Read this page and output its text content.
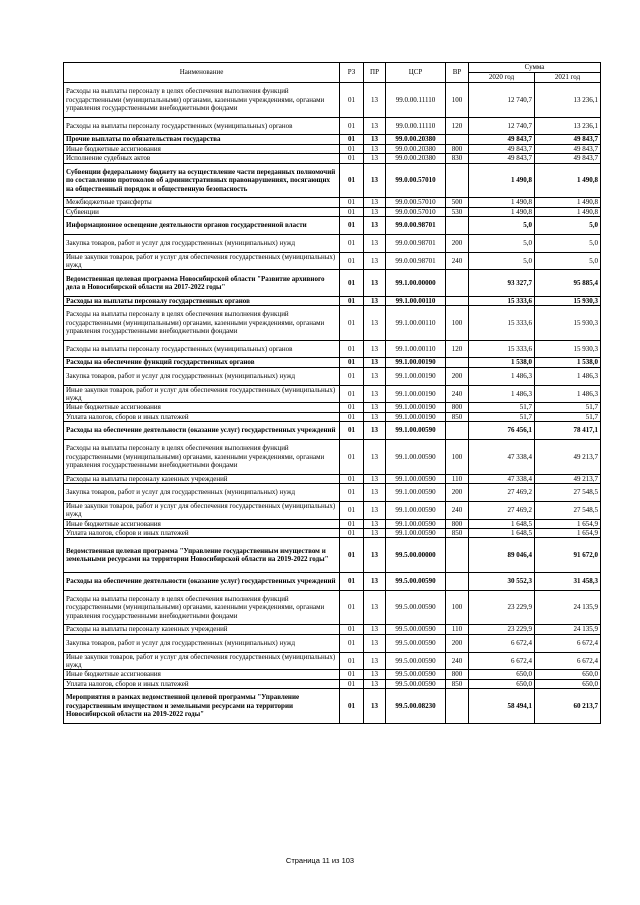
Наименование	РЗ	ПР	ЦСР	ВР	Сумма	
					2020 год	2021 год
Расходы на выплаты персоналу в целях обеспечения выполнения функций государственными (муниципальными) органами, казенными учреждениями, органами управления государственными внебюджетными фондами	01	13	99.0.00.11110	100	12 740,7	13 236,1
Расходы на выплаты персоналу государственных (муниципальных) органов	01	13	99.0.00.11110	120	12 740,7	13 236,1
Прочие выплаты по обязательствам государства	01	13	99.0.00.20380		49 843,7	49 843,7
Иные бюджетные ассигнования	01	13	99.0.00.20380	800	49 843,7	49 843,7
Исполнение судебных актов	01	13	99.0.00.20380	830	49 843,7	49 843,7
Субвенции федеральному бюджету на осуществление части переданных полномочий по составлению протоколов об административных правонарушениях, посягающих на общественный порядок и общественную безопасность	01	13	99.0.00.57010		1 490,8	1 490,8
Межбюджетные трансферты	01	13	99.0.00.57010	500	1 490,8	1 490,8
Субвенции	01	13	99.0.00.57010	530	1 490,8	1 490,8
Информационное освещение деятельности органов государственной власти	01	13	99.0.00.98701		5,0	5,0
Закупка товаров, работ и услуг для государственных (муниципальных) нужд	01	13	99.0.00.98701	200	5,0	5,0
Иные закупки товаров, работ и услуг для обеспечения государственных (муниципальных) нужд	01	13	99.0.00.98701	240	5,0	5,0
Ведомственная целевая программа Новосибирской области "Развитие архивного дела в Новосибирской области на 2017-2022 годы"	01	13	99.1.00.00000		93 327,7	95 885,4
Расходы на выплаты персоналу государственных органов	01	13	99.1.00.00110		15 333,6	15 930,3
Расходы на выплаты персоналу в целях обеспечения выполнения функций государственными (муниципальными) органами, казенными учреждениями, органами управления государственными внебюджетными фондами	01	13	99.1.00.00110	100	15 333,6	15 930,3
Расходы на выплаты персоналу государственных (муниципальных) органов	01	13	99.1.00.00110	120	15 333,6	15 930,3
Расходы на обеспечение функций государственных органов	01	13	99.1.00.00190		1 538,0	1 538,0
Закупка товаров, работ и услуг для государственных (муниципальных) нужд	01	13	99.1.00.00190	200	1 486,3	1 486,3
Иные закупки товаров, работ и услуг для обеспечения государственных (муниципальных) нужд	01	13	99.1.00.00190	240	1 486,3	1 486,3
Иные бюджетные ассигнования	01	13	99.1.00.00190	800	51,7	51,7
Уплата налогов, сборов и иных платежей	01	13	99.1.00.00190	850	51,7	51,7
Расходы на обеспечение деятельности (оказание услуг) государственных учреждений	01	13	99.1.00.00590		76 456,1	78 417,1
Расходы на выплаты персоналу в целях обеспечения выполнения функций государственными (муниципальными) органами, казенными учреждениями, органами управления государственными внебюджетными фондами	01	13	99.1.00.00590	100	47 338,4	49 213,7
Расходы на выплаты персоналу казенных учреждений	01	13	99.1.00.00590	110	47 338,4	49 213,7
Закупка товаров, работ и услуг для государственных (муниципальных) нужд	01	13	99.1.00.00590	200	27 469,2	27 548,5
Иные закупки товаров, работ и услуг для обеспечения государственных (муниципальных) нужд	01	13	99.1.00.00590	240	27 469,2	27 548,5
Иные бюджетные ассигнования	01	13	99.1.00.00590	800	1 648,5	1 654,9
Уплата налогов, сборов и иных платежей	01	13	99.1.00.00590	850	1 648,5	1 654,9
Ведомственная целевая программа "Управление государственным имуществом и земельными ресурсами на территории Новосибирской области на 2019-2022 годы"	01	13	99.5.00.00000		89 046,4	91 672,0
Расходы на обеспечение деятельности (оказание услуг) государственных учреждений	01	13	99.5.00.00590		30 552,3	31 458,3
Расходы на выплаты персоналу в целях обеспечения выполнения функций государственными (муниципальными) органами, казенными учреждениями, органами управления государственными внебюджетными фондами	01	13	99.5.00.00590	100	23 229,9	24 135,9
Расходы на выплаты персоналу казенных учреждений	01	13	99.5.00.00590	110	23 229,9	24 135,9
Закупка товаров, работ и услуг для государственных (муниципальных) нужд	01	13	99.5.00.00590	200	6 672,4	6 672,4
Иные закупки товаров, работ и услуг для обеспечения государственных (муниципальных) нужд	01	13	99.5.00.00590	240	6 672,4	6 672,4
Иные бюджетные ассигнования	01	13	99.5.00.00590	800	650,0	650,0
Уплата налогов, сборов и иных платежей	01	13	99.5.00.00590	850	650,0	650,0
Мероприятия в рамках ведомственной целевой программы "Управление государственным имуществом и земельными ресурсами на территории Новосибирской области на 2019-2022 годы"	01	13	99.5.00.08230		58 494,1	60 213,7
Страница 11 из 103
